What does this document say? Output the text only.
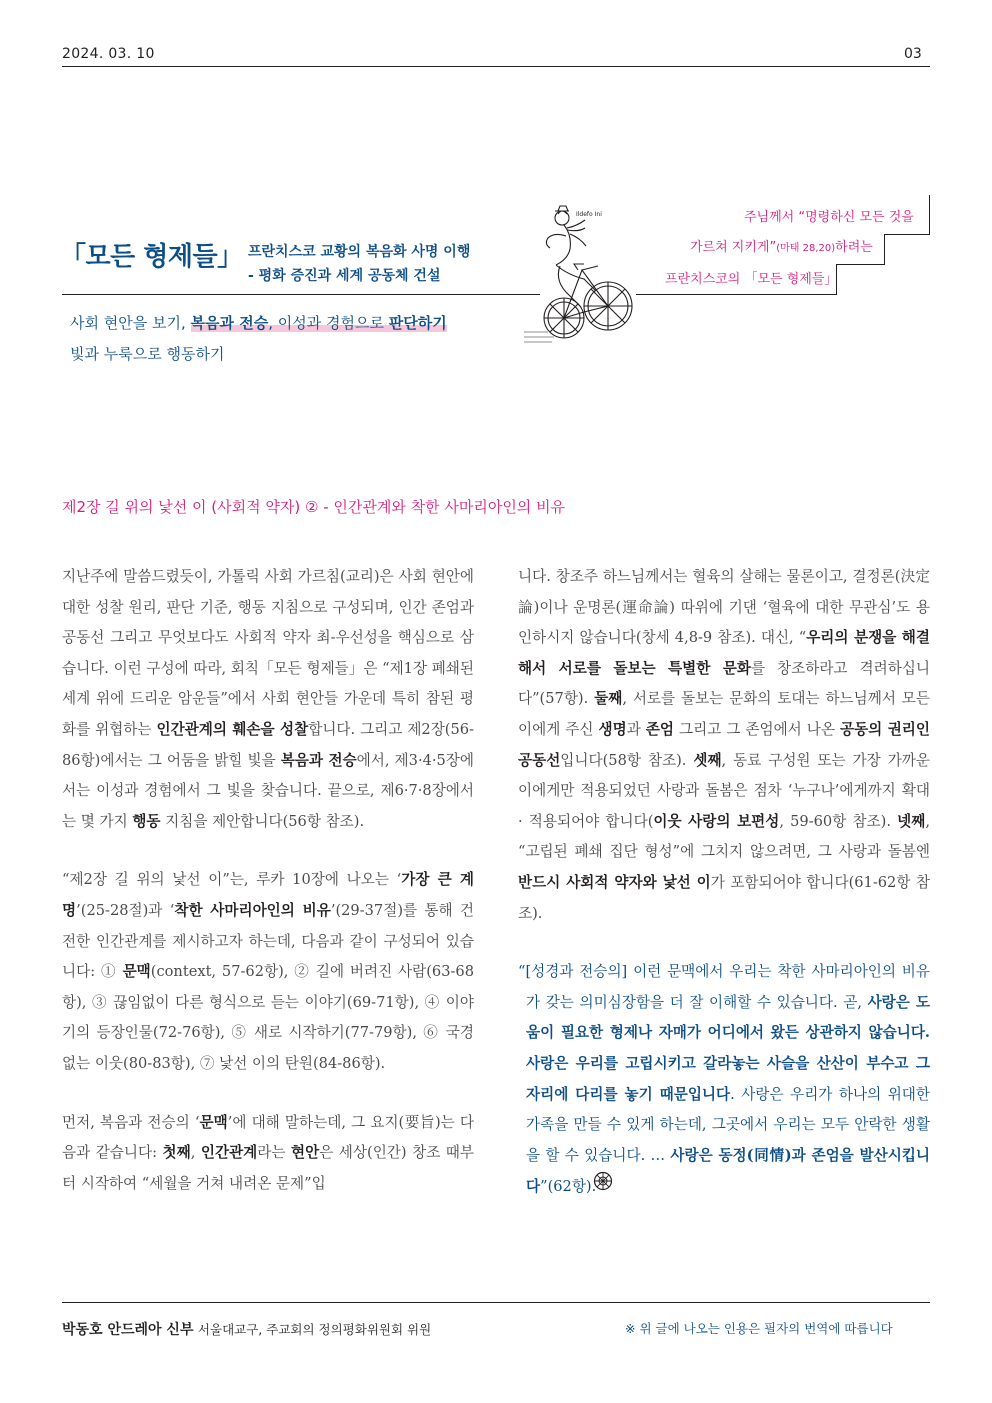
2024. 03. 10	03
「모든 형제들」 프란치스코 교황의 복음화 사명 이행
- 평화 증진과 세계 공동체 건설
주님께서 “명령하신 모든 것을
가르쳐 지키게”(마태 28,20)하려는
프란치스코의 「모든 형제들」
Ildefo Ini
사회 현안을 보기, 복음과 전승, 이성과 경험으로 판단하기
빛과 누룩으로 행동하기
제2장 길 위의 낯선 이 (사회적 약자) ② - 인간관계와 착한 사마리아인의 비유

지난주에 말씀드렸듯이, 가톨릭 사회 가르침(교리)은 사회 현안에 대한 성찰 원리, 판단 기준, 행동 지침으로 구성되며, 인간 존엄과 공동선 그리고 무엇보다도 사회적 약자 최-우선성을 핵심으로 삼습니다. 이런 구성에 따라, 회칙「모든 형제들」은 “제1장 폐쇄된 세계 위에 드리운 암운들”에서 사회 현안들 가운데 특히 참된 평화를 위협하는 인간관계의 훼손을 성찰합니다. 그리고 제2장(56-86항)에서는 그 어둠을 밝힐 빛을 복음과 전승에서, 제3·4·5장에서는 이성과 경험에서 그 빛을 찾습니다. 끝으로, 제6·7·8장에서는 몇 가지 행동 지침을 제안합니다(56항 참조).

“제2장 길 위의 낯선 이”는, 루카 10장에 나오는 ‘가장 큰 계명’(25-28절)과 ‘착한 사마리아인의 비유’(29-37절)를 통해 건전한 인간관계를 제시하고자 하는데, 다음과 같이 구성되어 있습니다: ① 문맥(context, 57-62항), ② 길에 버려진 사람(63-68항), ③ 끊임없이 다른 형식으로 듣는 이야기(69-71항), ④ 이야기의 등장인물(72-76항), ⑤ 새로 시작하기(77-79항), ⑥ 국경 없는 이웃(80-83항), ⑦ 낯선 이의 탄원(84-86항).

먼저, 복음과 전승의 ‘문맥’에 대해 말하는데, 그 요지(要旨)는 다음과 같습니다: 첫째, 인간관계라는 현안은 세상(인간) 창조 때부터 시작하여 “세월을 거쳐 내려온 문제”입

니다. 창조주 하느님께서는 혈육의 살해는 물론이고, 결정론(決定論)이나 운명론(運命論) 따위에 기댄 ‘혈육에 대한 무관심’도 용인하시지 않습니다(창세 4,8-9 참조). 대신, “우리의 분쟁을 해결해서 서로를 돌보는 특별한 문화를 창조하라고 격려하십니다”(57항). 둘째, 서로를 돌보는 문화의 토대는 하느님께서 모든 이에게 주신 생명과 존엄 그리고 그 존엄에서 나온 공동의 권리인 공동선입니다(58항 참조). 셋째, 동료 구성원 또는 가장 가까운 이에게만 적용되었던 사랑과 돌봄은 점차 ‘누구나’에게까지 확대 · 적용되어야 합니다(이웃 사랑의 보편성, 59-60항 참조). 넷째, “고립된 폐쇄 집단 형성”에 그치지 않으려면, 그 사랑과 돌봄엔 반드시 사회적 약자와 낯선 이가 포함되어야 합니다(61-62항 참조).

“[성경과 전승의] 이런 문맥에서 우리는 착한 사마리아인의 비유가 갖는 의미심장함을 더 잘 이해할 수 있습니다. 곧, 사랑은 도움이 필요한 형제나 자매가 어디에서 왔든 상관하지 않습니다. 사랑은 우리를 고립시키고 갈라놓는 사슬을 산산이 부수고 그 자리에 다리를 놓기 때문입니다. 사랑은 우리가 하나의 위대한 가족을 만들 수 있게 하는데, 그곳에서 우리는 모두 안락한 생활을 할 수 있습니다. … 사랑은 동정(同情)과 존엄을 발산시킵니다”(62항).

박동호 안드레아 신부 서울대교구, 주교회의 정의평화위원회 위원	※ 위 글에 나오는 인용은 필자의 번역에 따릅니다
